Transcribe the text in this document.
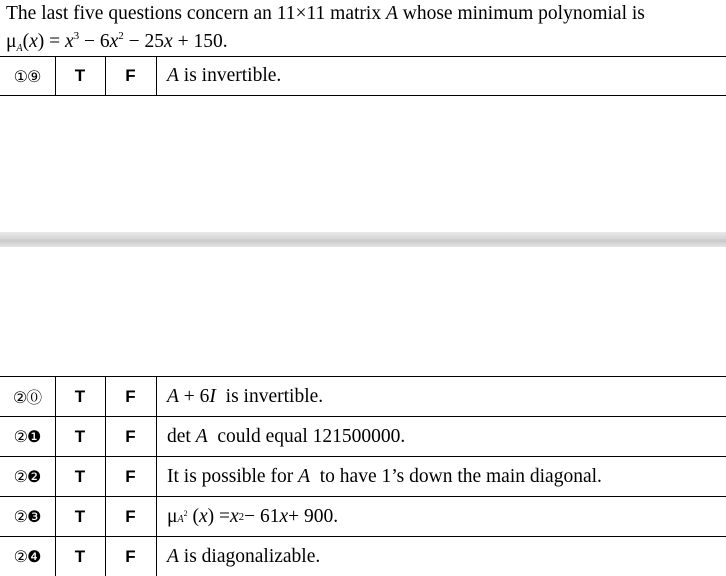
The last five questions concern an 11×11 matrix A whose minimum polynomial is
$\mu_A(x) = x^3 - 6x^2 - 25x + 150$.
①⑨	T	F	A is invertible.
②⓪	T	F	A + 6 I is invertible.
②❶	T	F	det A could equal 121500000.
②❷	T	F	It is possible for A to have 1’s down the main diagonal.
②❸	T	F	μ $A^2$ ( x ) = x 2 − 61 x + 900.
②❹	T	F	A is diagonalizable.
